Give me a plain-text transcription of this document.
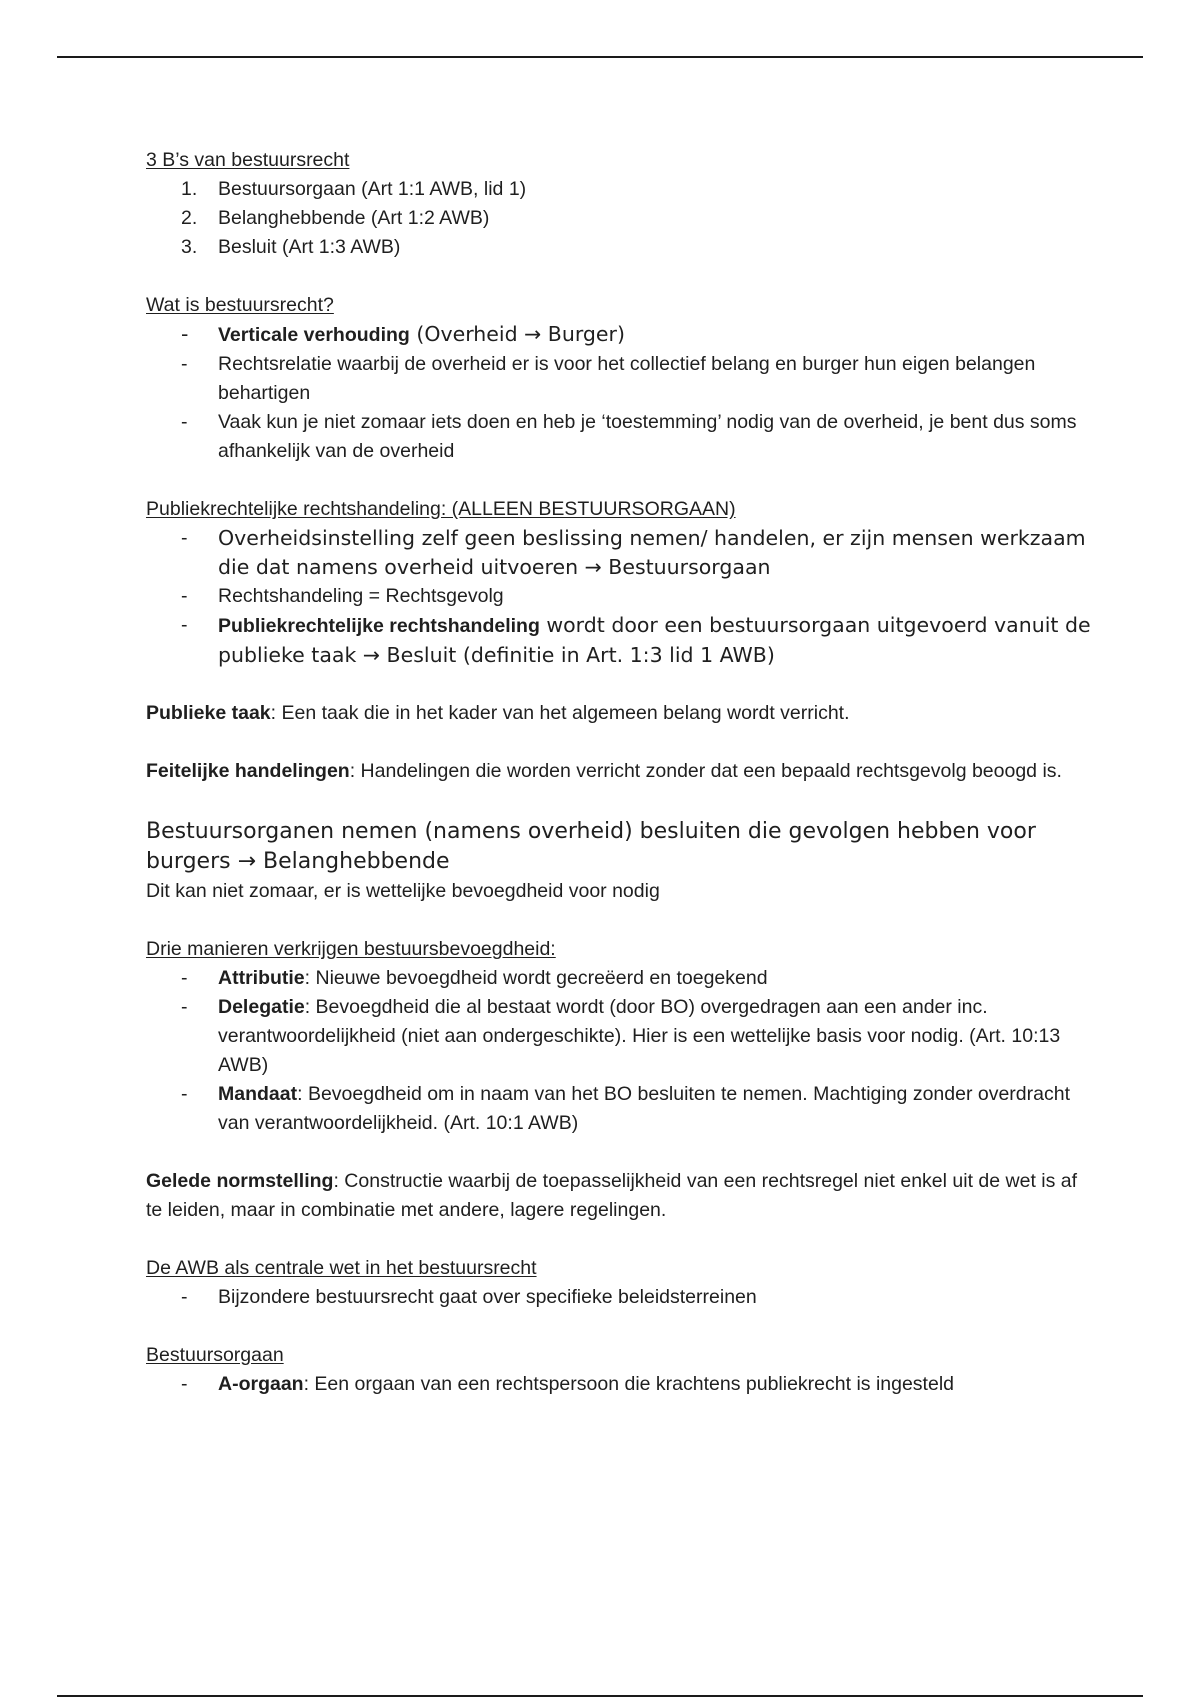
3 B’s van bestuursrecht
1. Bestuursorgaan (Art 1:1 AWB, lid 1)
2. Belanghebbende (Art 1:2 AWB)
3. Besluit (Art 1:3 AWB)
Wat is bestuursrecht?
- Verticale verhouding (Overheid → Burger)
- Rechtsrelatie waarbij de overheid er is voor het collectief belang en burger hun eigen belangen behartigen
- Vaak kun je niet zomaar iets doen en heb je ‘toestemming’ nodig van de overheid, je bent dus soms afhankelijk van de overheid
Publiekrechtelijke rechtshandeling: (ALLEEN BESTUURSORGAAN)
- Overheidsinstelling zelf geen beslissing nemen/ handelen, er zijn mensen werkzaam die dat namens overheid uitvoeren → Bestuursorgaan
- Rechtshandeling = Rechtsgevolg
- Publiekrechtelijke rechtshandeling wordt door een bestuursorgaan uitgevoerd vanuit de publieke taak → Besluit (definitie in Art. 1:3 lid 1 AWB)
Publieke taak: Een taak die in het kader van het algemeen belang wordt verricht.
Feitelijke handelingen: Handelingen die worden verricht zonder dat een bepaald rechtsgevolg beoogd is.
Bestuursorganen nemen (namens overheid) besluiten die gevolgen hebben voor burgers → Belanghebbende
Dit kan niet zomaar, er is wettelijke bevoegdheid voor nodig
Drie manieren verkrijgen bestuursbevoegdheid:
- Attributie: Nieuwe bevoegdheid wordt gecreëerd en toegekend
- Delegatie: Bevoegdheid die al bestaat wordt (door BO) overgedragen aan een ander inc. verantwoordelijkheid (niet aan ondergeschikte). Hier is een wettelijke basis voor nodig. (Art. 10:13 AWB)
- Mandaat: Bevoegdheid om in naam van het BO besluiten te nemen. Machtiging zonder overdracht van verantwoordelijkheid. (Art. 10:1 AWB)
Gelede normstelling: Constructie waarbij de toepasselijkheid van een rechtsregel niet enkel uit de wet is af te leiden, maar in combinatie met andere, lagere regelingen.
De AWB als centrale wet in het bestuursrecht
- Bijzondere bestuursrecht gaat over specifieke beleidsterreinen
Bestuursorgaan
- A-orgaan: Een orgaan van een rechtspersoon die krachtens publiekrecht is ingesteld
